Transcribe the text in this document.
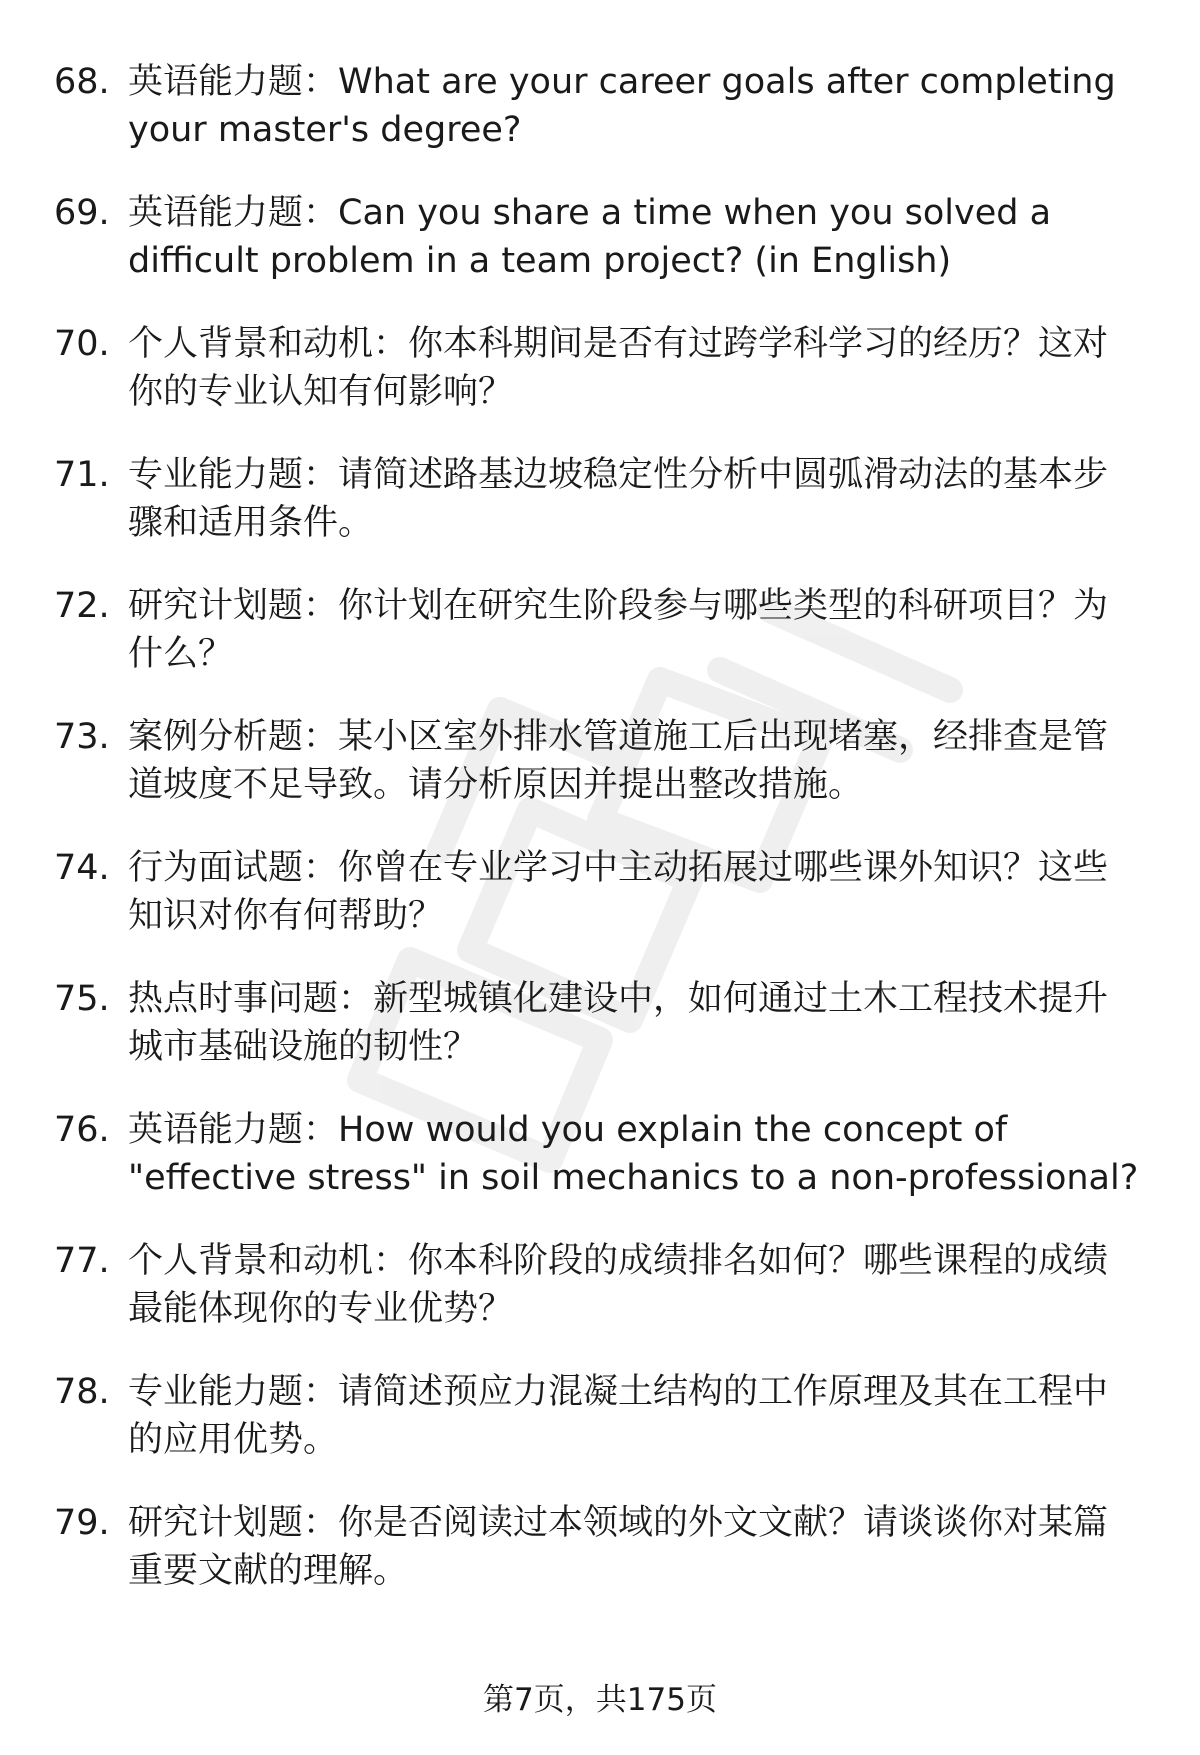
68. 英语能力题：What are your career goals after completing
your master's degree?
69. 英语能力题：Can you share a time when you solved a
difficult problem in a team project? (in English)
70. 个人背景和动机：你本科期间是否有过跨学科学习的经历？这对
你的专业认知有何影响？
71. 专业能力题：请简述路基边坡稳定性分析中圆弧滑动法的基本步
骤和适用条件。
72. 研究计划题：你计划在研究生阶段参与哪些类型的科研项目？为
什么？
73. 案例分析题：某小区室外排水管道施工后出现堵塞，经排查是管
道坡度不足导致。请分析原因并提出整改措施。
74. 行为面试题：你曾在专业学习中主动拓展过哪些课外知识？这些
知识对你有何帮助？
75. 热点时事问题：新型城镇化建设中，如何通过土木工程技术提升
城市基础设施的韧性？
76. 英语能力题：How would you explain the concept of
"effective stress" in soil mechanics to a non-professional?
77. 个人背景和动机：你本科阶段的成绩排名如何？哪些课程的成绩
最能体现你的专业优势？
78. 专业能力题：请简述预应力混凝土结构的工作原理及其在工程中
的应用优势。
79. 研究计划题：你是否阅读过本领域的外文文献？请谈谈你对某篇
重要文献的理解。
第7页，共175页
